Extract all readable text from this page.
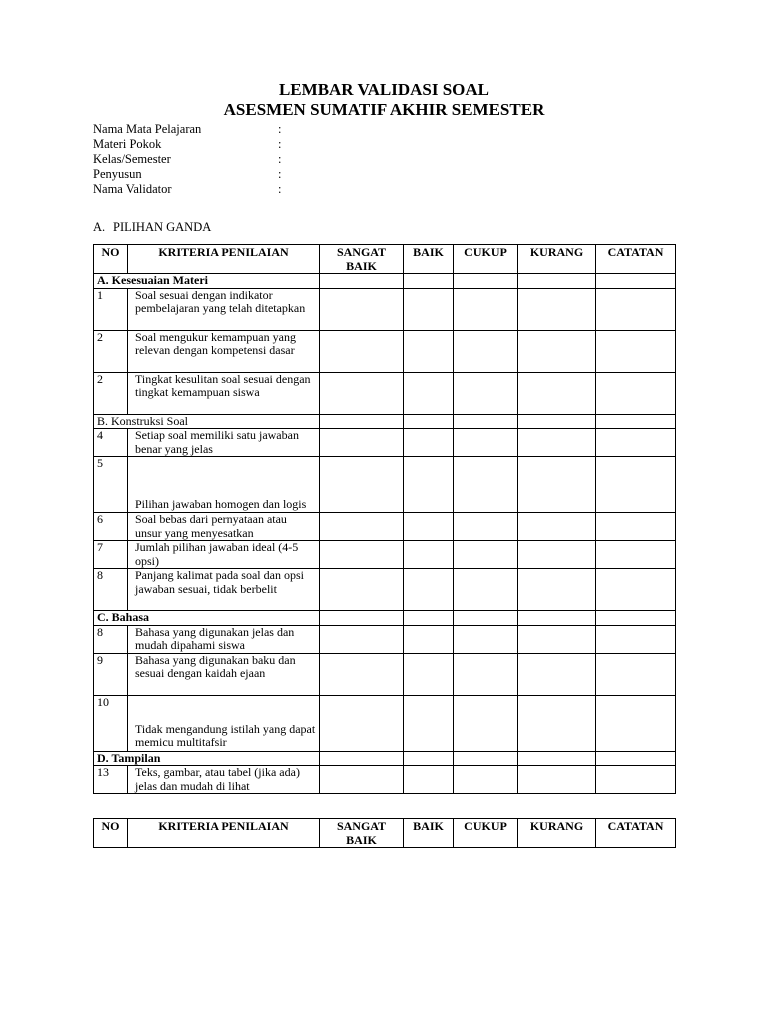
LEMBAR VALIDASI SOAL
ASESMEN SUMATIF AKHIR SEMESTER
Nama Mata Pelajaran	:
Materi Pokok	:
Kelas/Semester	:
Penyusun	:
Nama Validator	:
A. PILIHAN GANDA
NO	KRITERIA PENILAIAN	SANGAT BAIK	BAIK	CUKUP	KURANG	CATATAN
A. Kesesuaian Materi						
1	Soal sesuai dengan indikator pembelajaran yang telah ditetapkan					
2	Soal mengukur kemampuan yang relevan dengan kompetensi dasar					
2	Tingkat kesulitan soal sesuai dengan tingkat kemampuan siswa					
B. Konstruksi Soal						
4	Setiap soal memiliki satu jawaban benar yang jelas					
5	Pilihan jawaban homogen dan logis					
6	Soal bebas dari pernyataan atau unsur yang menyesatkan					
7	Jumlah pilihan jawaban ideal (4-5 opsi)					
8	Panjang kalimat pada soal dan opsi jawaban sesuai, tidak berbelit					
C. Bahasa						
8	Bahasa yang digunakan jelas dan mudah dipahami siswa					
9	Bahasa yang digunakan baku dan sesuai dengan kaidah ejaan					
10	Tidak mengandung istilah yang dapat memicu multitafsir					
D. Tampilan						
13	Teks, gambar, atau tabel (jika ada) jelas dan mudah di lihat					
NO	KRITERIA PENILAIAN	SANGAT BAIK	BAIK	CUKUP	KURANG	CATATAN
